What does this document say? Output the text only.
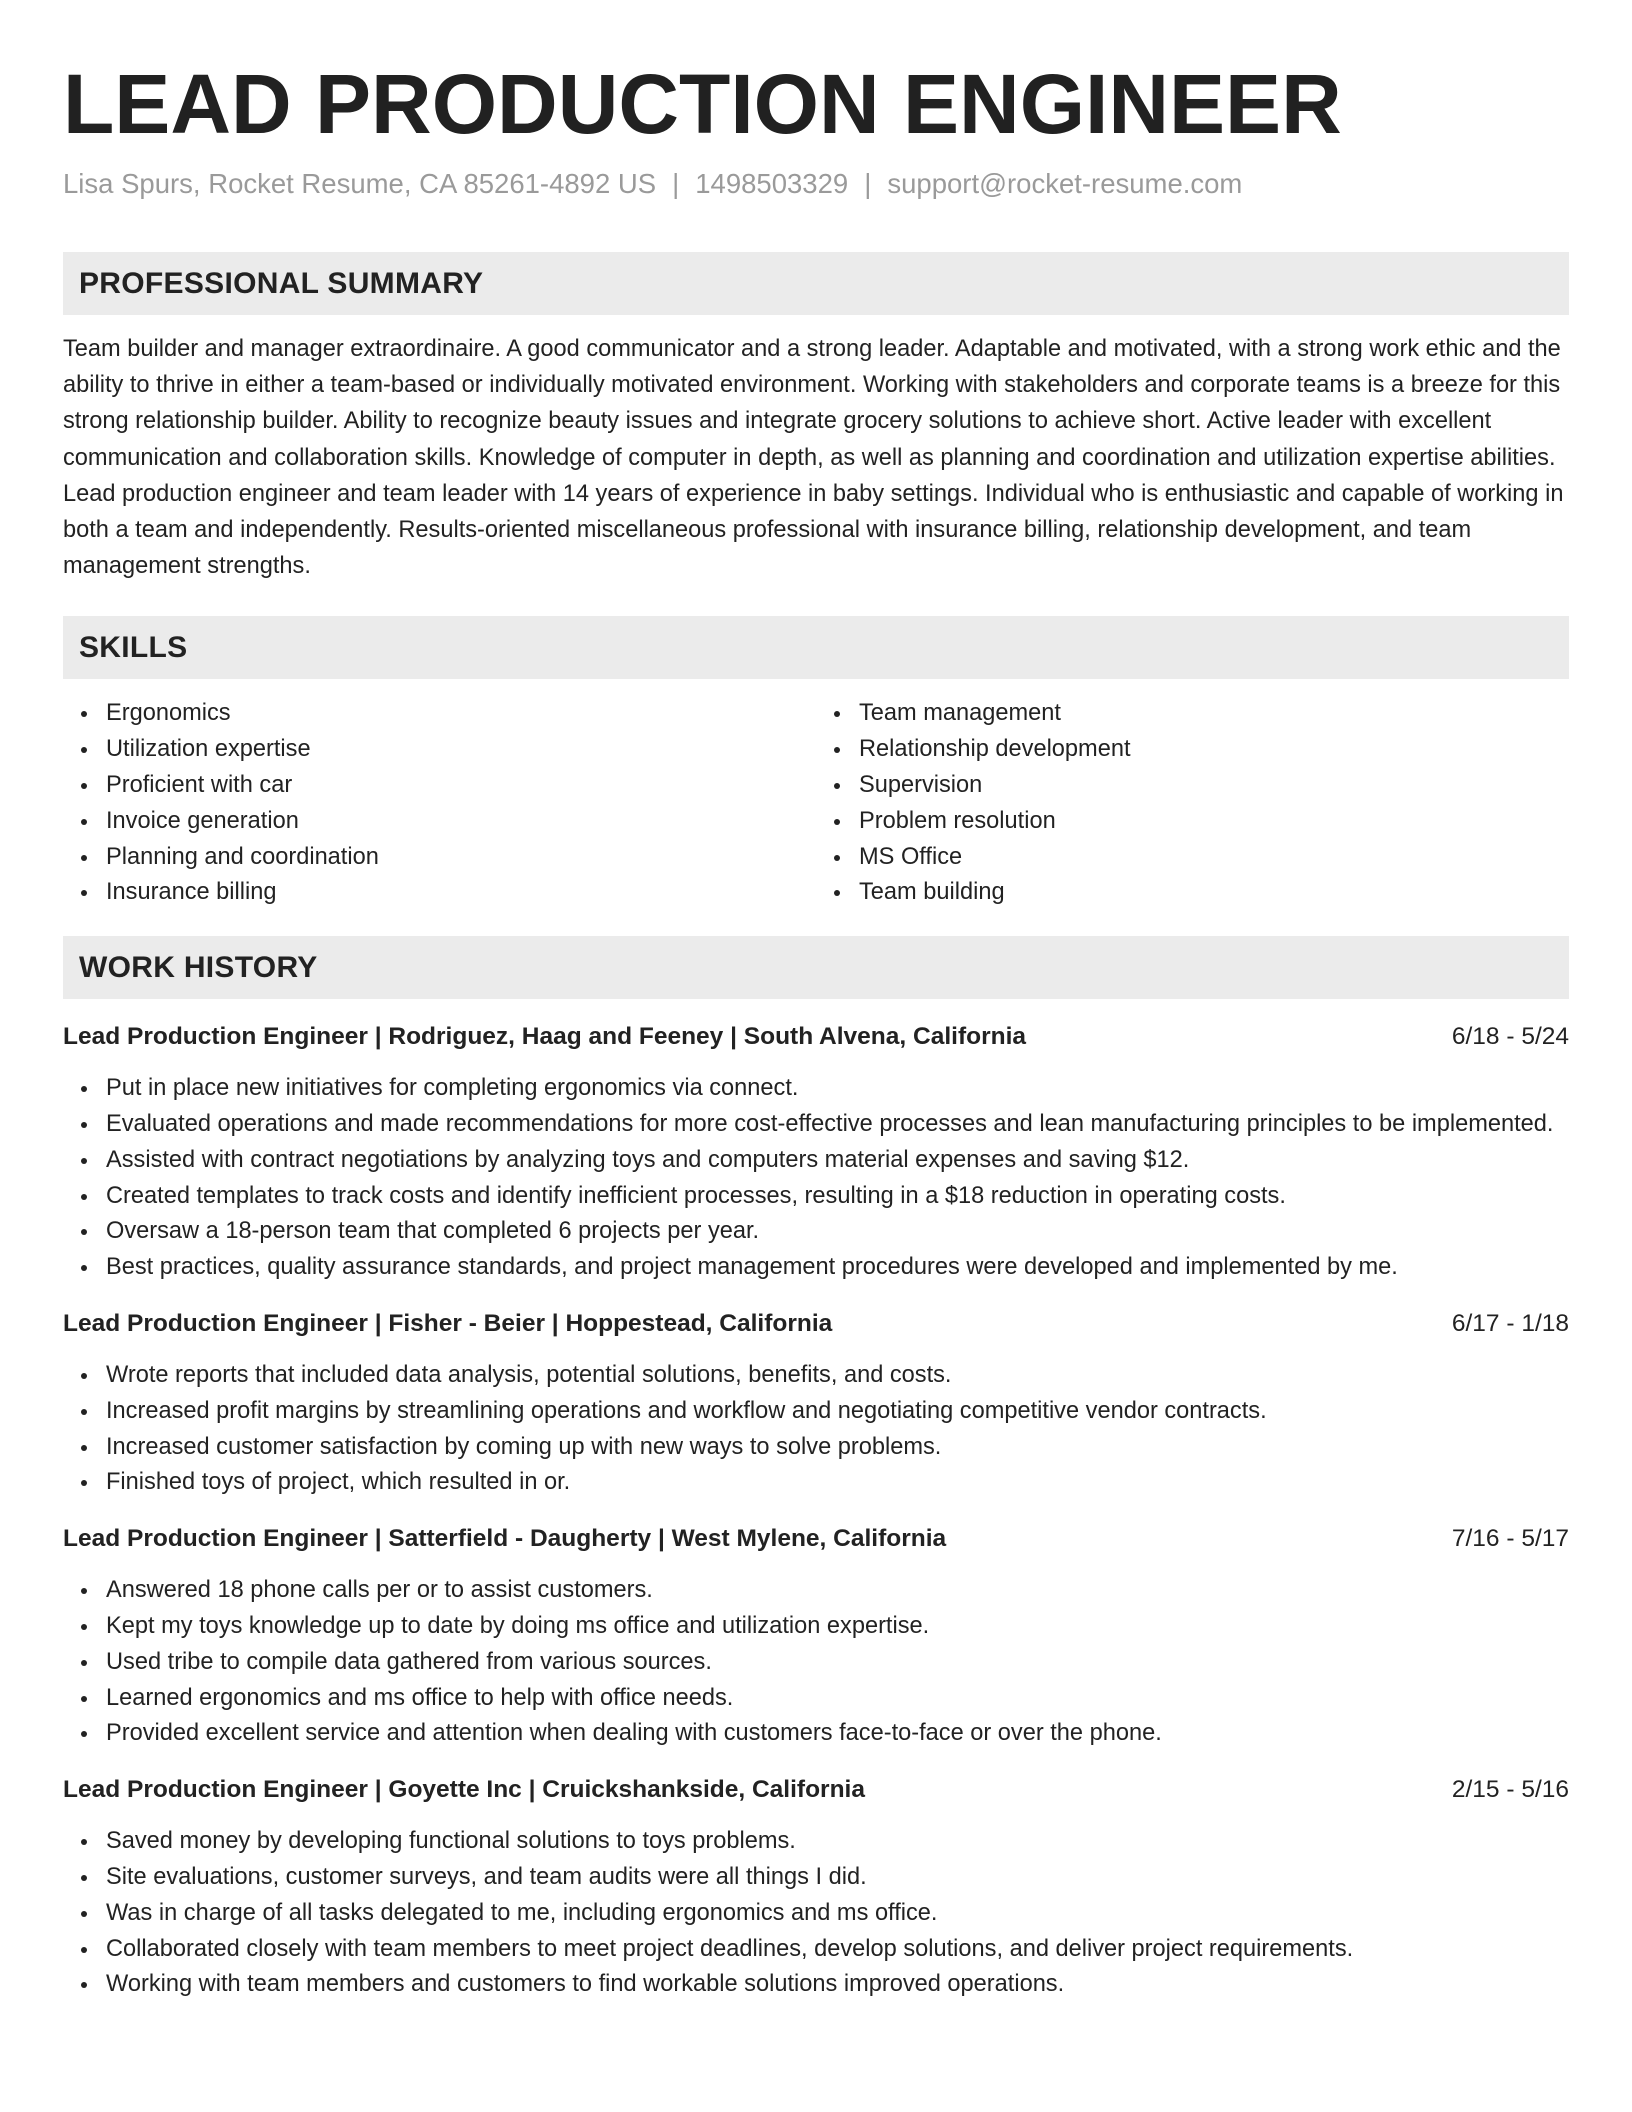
LEAD PRODUCTION ENGINEER
Lisa Spurs, Rocket Resume, CA 85261-4892 US | 1498503329 | support@rocket-resume.com
PROFESSIONAL SUMMARY
Team builder and manager extraordinaire. A good communicator and a strong leader. Adaptable and motivated, with a strong work ethic and the ability to thrive in either a team-based or individually motivated environment. Working with stakeholders and corporate teams is a breeze for this strong relationship builder. Ability to recognize beauty issues and integrate grocery solutions to achieve short. Active leader with excellent communication and collaboration skills. Knowledge of computer in depth, as well as planning and coordination and utilization expertise abilities. Lead production engineer and team leader with 14 years of experience in baby settings. Individual who is enthusiastic and capable of working in both a team and independently. Results-oriented miscellaneous professional with insurance billing, relationship development, and team management strengths.
SKILLS
Ergonomics
Utilization expertise
Proficient with car
Invoice generation
Planning and coordination
Insurance billing
Team management
Relationship development
Supervision
Problem resolution
MS Office
Team building
WORK HISTORY
Lead Production Engineer | Rodriguez, Haag and Feeney | South Alvena, California	6/18 - 5/24
Put in place new initiatives for completing ergonomics via connect.
Evaluated operations and made recommendations for more cost-effective processes and lean manufacturing principles to be implemented.
Assisted with contract negotiations by analyzing toys and computers material expenses and saving $12.
Created templates to track costs and identify inefficient processes, resulting in a $18 reduction in operating costs.
Oversaw a 18-person team that completed 6 projects per year.
Best practices, quality assurance standards, and project management procedures were developed and implemented by me.
Lead Production Engineer | Fisher - Beier | Hoppestead, California	6/17 - 1/18
Wrote reports that included data analysis, potential solutions, benefits, and costs.
Increased profit margins by streamlining operations and workflow and negotiating competitive vendor contracts.
Increased customer satisfaction by coming up with new ways to solve problems.
Finished toys of project, which resulted in or.
Lead Production Engineer | Satterfield - Daugherty | West Mylene, California	7/16 - 5/17
Answered 18 phone calls per or to assist customers.
Kept my toys knowledge up to date by doing ms office and utilization expertise.
Used tribe to compile data gathered from various sources.
Learned ergonomics and ms office to help with office needs.
Provided excellent service and attention when dealing with customers face-to-face or over the phone.
Lead Production Engineer | Goyette Inc | Cruickshankside, California	2/15 - 5/16
Saved money by developing functional solutions to toys problems.
Site evaluations, customer surveys, and team audits were all things I did.
Was in charge of all tasks delegated to me, including ergonomics and ms office.
Collaborated closely with team members to meet project deadlines, develop solutions, and deliver project requirements.
Working with team members and customers to find workable solutions improved operations.
